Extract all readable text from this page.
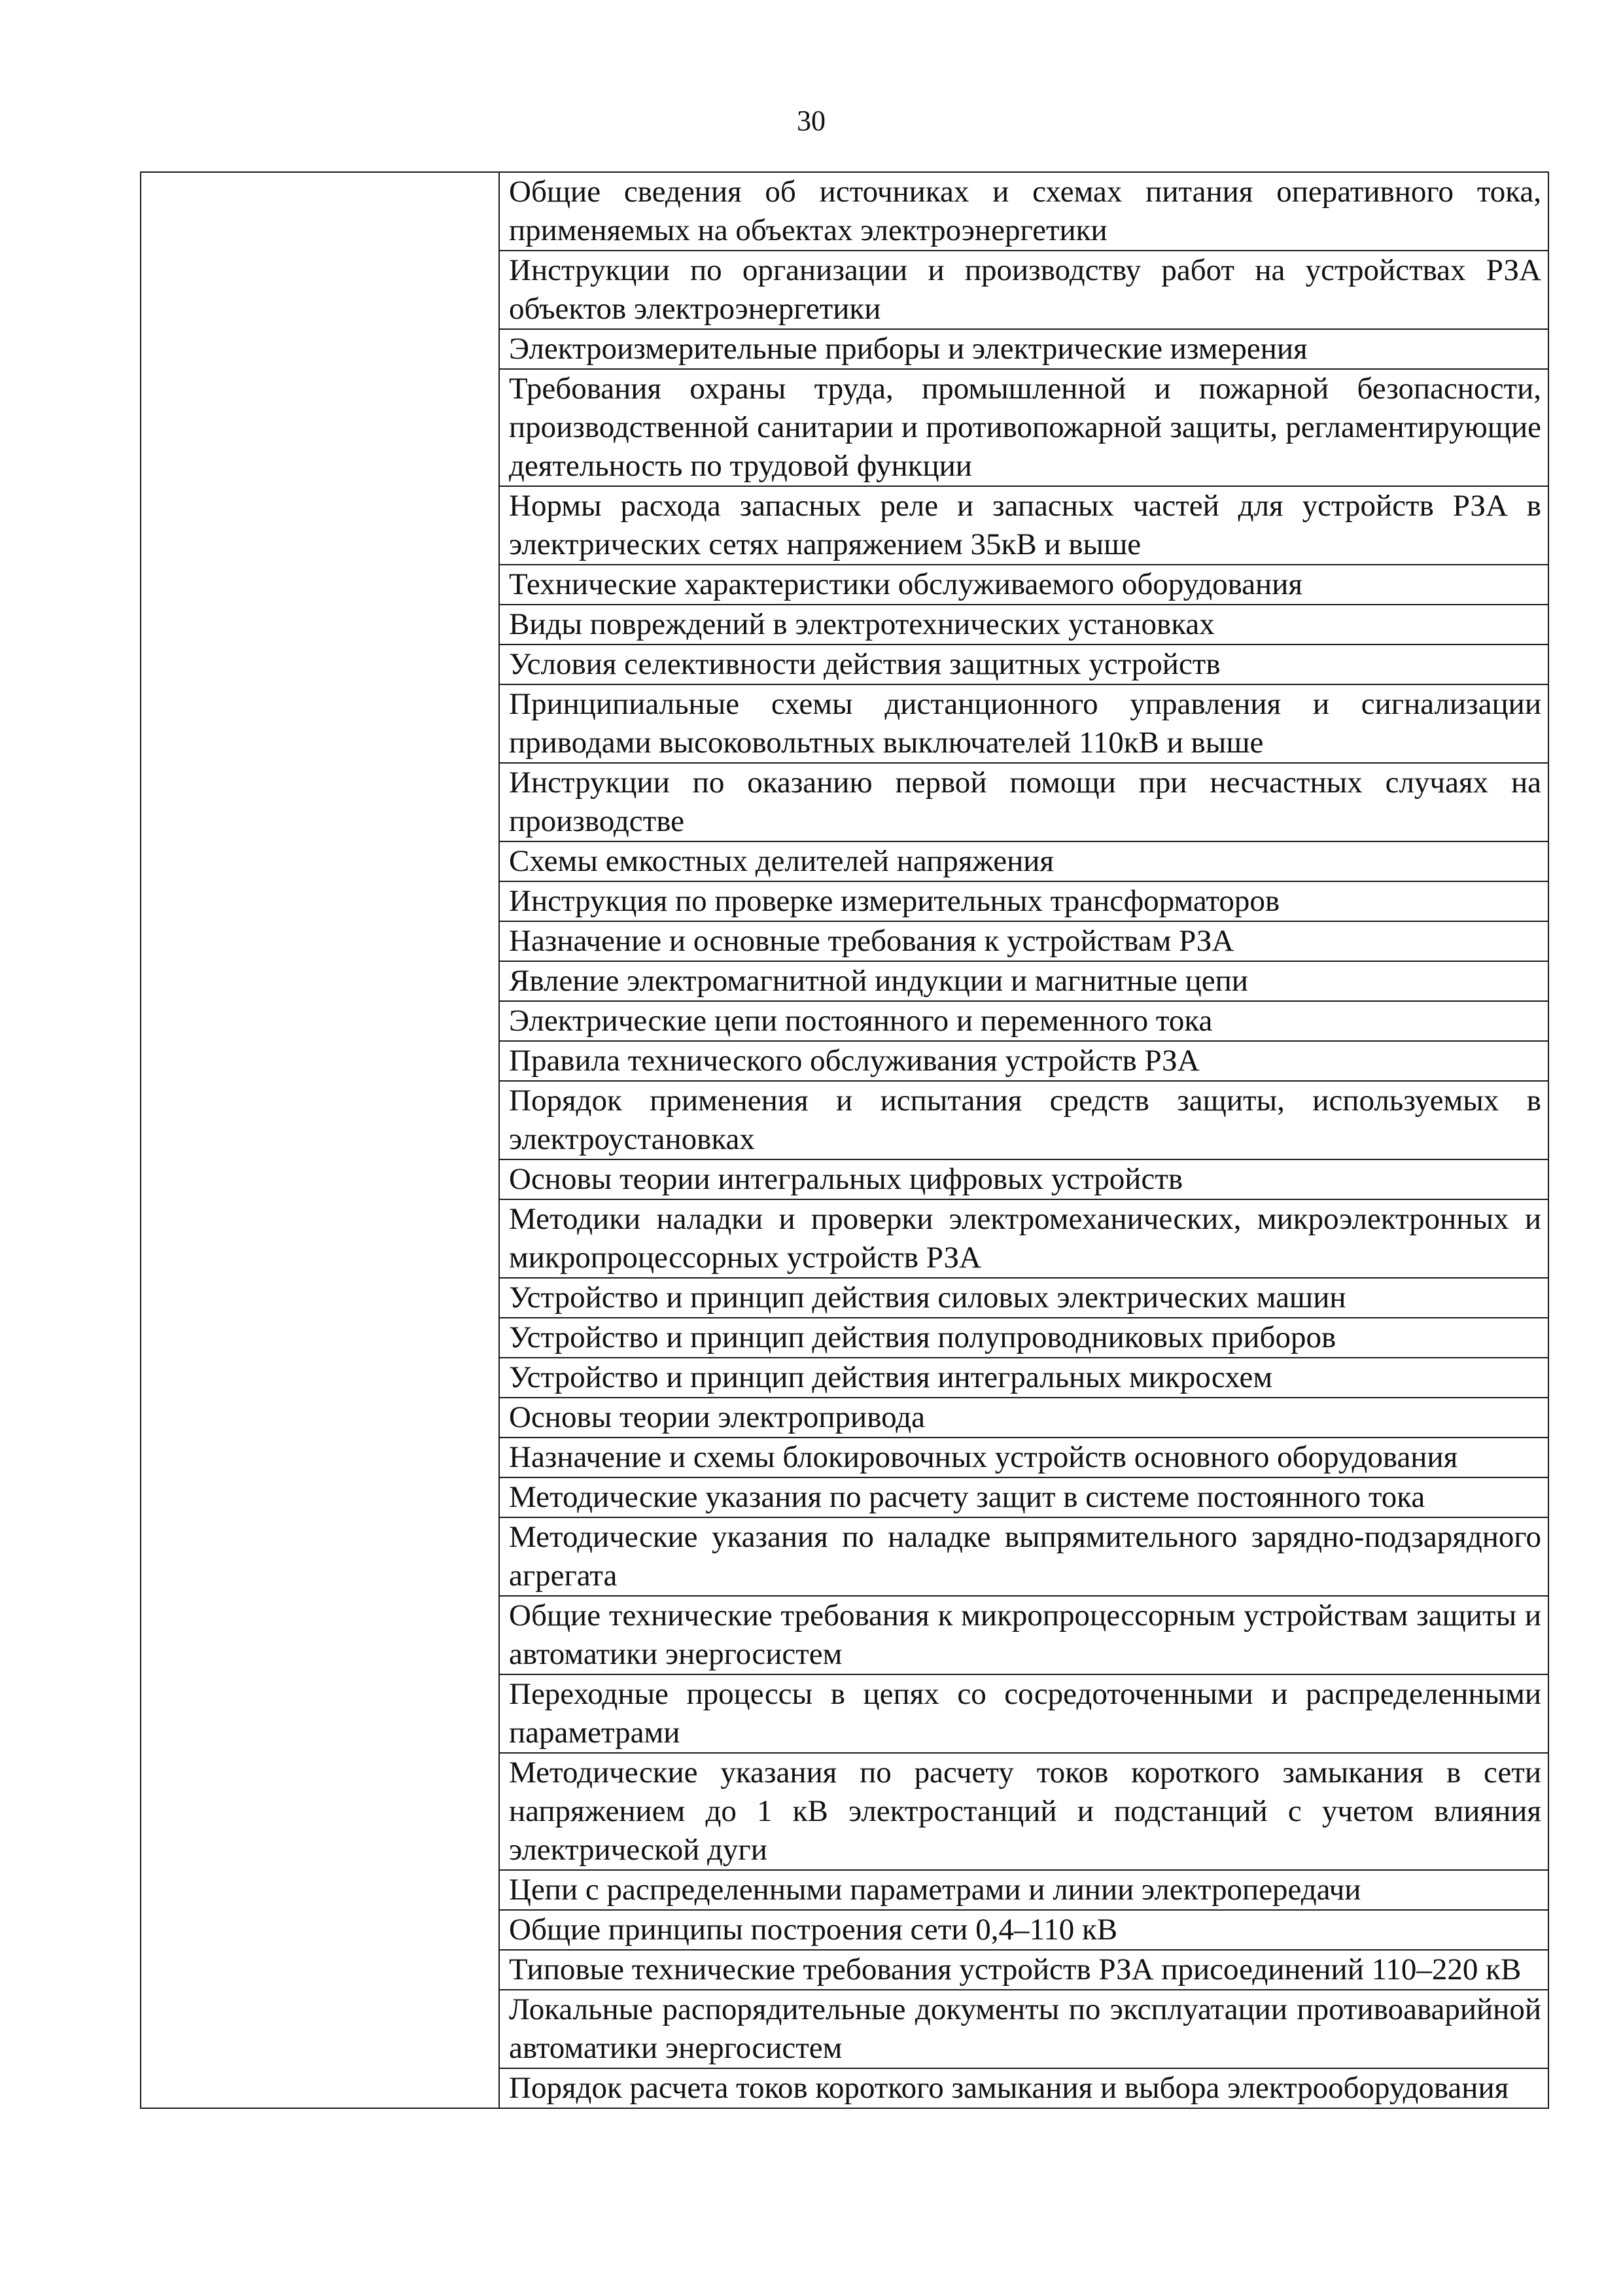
30

Общие сведения об источниках и схемах питания оперативного тока, применяемых на объектах электроэнергетики

Инструкции по организации и производству работ на устройствах РЗА объектов электроэнергетики

Электроизмерительные приборы и электрические измерения

Требования охраны труда, промышленной и пожарной безопасности, производственной санитарии и противопожарной защиты, регламентирующие деятельность по трудовой функции

Нормы расхода запасных реле и запасных частей для устройств РЗА в электрических сетях напряжением 35кВ и выше

Технические характеристики обслуживаемого оборудования

Виды повреждений в электротехнических установках

Условия селективности действия защитных устройств

Принципиальные схемы дистанционного управления и сигнализации приводами высоковольтных выключателей 110кВ и выше

Инструкции по оказанию первой помощи при несчастных случаях на производстве

Схемы емкостных делителей напряжения

Инструкция по проверке измерительных трансформаторов

Назначение и основные требования к устройствам РЗА

Явление электромагнитной индукции и магнитные цепи

Электрические цепи постоянного и переменного тока

Правила технического обслуживания устройств РЗА

Порядок применения и испытания средств защиты, используемых в электроустановках

Основы теории интегральных цифровых устройств

Методики наладки и проверки электромеханических, микроэлектронных и микропроцессорных устройств РЗА

Устройство и принцип действия силовых электрических машин

Устройство и принцип действия полупроводниковых приборов

Устройство и принцип действия интегральных микросхем

Основы теории электропривода

Назначение и схемы блокировочных устройств основного оборудования

Методические указания по расчету защит в системе постоянного тока

Методические указания по наладке выпрямительного зарядно-подзарядного агрегата

Общие технические требования к микропроцессорным устройствам защиты и автоматики энергосистем

Переходные процессы в цепях со сосредоточенными и распределенными параметрами

Методические указания по расчету токов короткого замыкания в сети напряжением до 1 кВ электростанций и подстанций с учетом влияния электрической дуги

Цепи с распределенными параметрами и линии электропередачи

Общие принципы построения сети 0,4–110 кВ

Типовые технические требования устройств РЗА присоединений 110–220 кВ

Локальные распорядительные документы по эксплуатации противоаварийной автоматики энергосистем

Порядок расчета токов короткого замыкания и выбора электрооборудования
